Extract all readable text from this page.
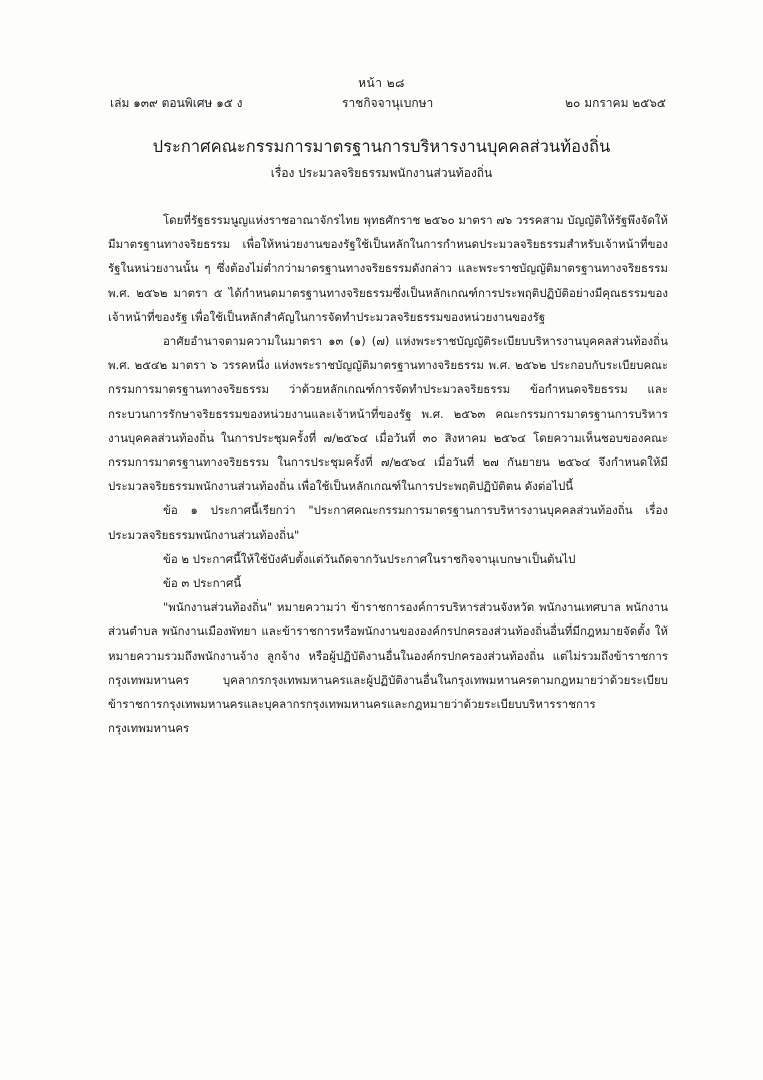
หน้า ๒๘
เล่ม ๑๓๙ ตอนพิเศษ ๑๕ ง	ราชกิจจานุเบกษา	๒๐ มกราคม ๒๕๖๕
ประกาศคณะกรรมการมาตรฐานการบริหารงานบุคคลส่วนท้องถิ่น
เรื่อง ประมวลจริยธรรมพนักงานส่วนท้องถิ่น

โดยที่รัฐธรรมนูญแห่งราชอาณาจักรไทย พุทธศักราช ๒๕๖๐ มาตรา ๗๖ วรรคสาม บัญญัติให้รัฐพึงจัดให้มีมาตรฐานทางจริยธรรม เพื่อให้หน่วยงานของรัฐใช้เป็นหลักในการกำหนดประมวลจริยธรรมสำหรับเจ้าหน้าที่ของรัฐในหน่วยงานนั้น ๆ ซึ่งต้องไม่ต่ำกว่ามาตรฐานทางจริยธรรมดังกล่าว และพระราชบัญญัติมาตรฐานทางจริยธรรม พ.ศ. ๒๕๖๒ มาตรา ๕ ได้กำหนดมาตรฐานทางจริยธรรมซึ่งเป็นหลักเกณฑ์การประพฤติปฏิบัติอย่างมีคุณธรรมของเจ้าหน้าที่ของรัฐ เพื่อใช้เป็นหลักสำคัญในการจัดทำประมวลจริยธรรมของหน่วยงานของรัฐ

อาศัยอำนาจตามความในมาตรา ๑๓ (๑) (๗) แห่งพระราชบัญญัติระเบียบบริหารงานบุคคลส่วนท้องถิ่น พ.ศ. ๒๕๔๒ มาตรา ๖ วรรคหนึ่ง แห่งพระราชบัญญัติมาตรฐานทางจริยธรรม พ.ศ. ๒๕๖๒ ประกอบกับระเบียบคณะกรรมการมาตรฐานทางจริยธรรม ว่าด้วยหลักเกณฑ์การจัดทำประมวลจริยธรรม ข้อกำหนดจริยธรรม และกระบวนการรักษาจริยธรรมของหน่วยงานและเจ้าหน้าที่ของรัฐ พ.ศ. ๒๕๖๓ คณะกรรมการมาตรฐานการบริหารงานบุคคลส่วนท้องถิ่น ในการประชุมครั้งที่ ๗/๒๕๖๔ เมื่อวันที่ ๓๐ สิงหาคม ๒๕๖๔ โดยความเห็นชอบของคณะกรรมการมาตรฐานทางจริยธรรม ในการประชุมครั้งที่ ๗/๒๕๖๔ เมื่อวันที่ ๒๗ กันยายน ๒๕๖๔ จึงกำหนดให้มีประมวลจริยธรรมพนักงานส่วนท้องถิ่น เพื่อใช้เป็นหลักเกณฑ์ในการประพฤติปฏิบัติตน ดังต่อไปนี้

ข้อ ๑ ประกาศนี้เรียกว่า "ประกาศคณะกรรมการมาตรฐานการบริหารงานบุคคลส่วนท้องถิ่น เรื่อง ประมวลจริยธรรมพนักงานส่วนท้องถิ่น"

ข้อ ๒ ประกาศนี้ให้ใช้บังคับตั้งแต่วันถัดจากวันประกาศในราชกิจจานุเบกษาเป็นต้นไป

ข้อ ๓ ประกาศนี้

"พนักงานส่วนท้องถิ่น" หมายความว่า ข้าราชการองค์การบริหารส่วนจังหวัด พนักงานเทศบาล พนักงานส่วนตำบล พนักงานเมืองพัทยา และข้าราชการหรือพนักงานขององค์กรปกครองส่วนท้องถิ่นอื่นที่มีกฎหมายจัดตั้ง ให้หมายความรวมถึงพนักงานจ้าง ลูกจ้าง หรือผู้ปฏิบัติงานอื่นในองค์กรปกครองส่วนท้องถิ่น แต่ไม่รวมถึงข้าราชการกรุงเทพมหานคร บุคลากรกรุงเทพมหานครและผู้ปฏิบัติงานอื่นในกรุงเทพมหานครตามกฎหมายว่าด้วยระเบียบข้าราชการกรุงเทพมหานครและบุคลากรกรุงเทพมหานครและกฎหมายว่าด้วยระเบียบบริหารราชการกรุงเทพมหานคร
